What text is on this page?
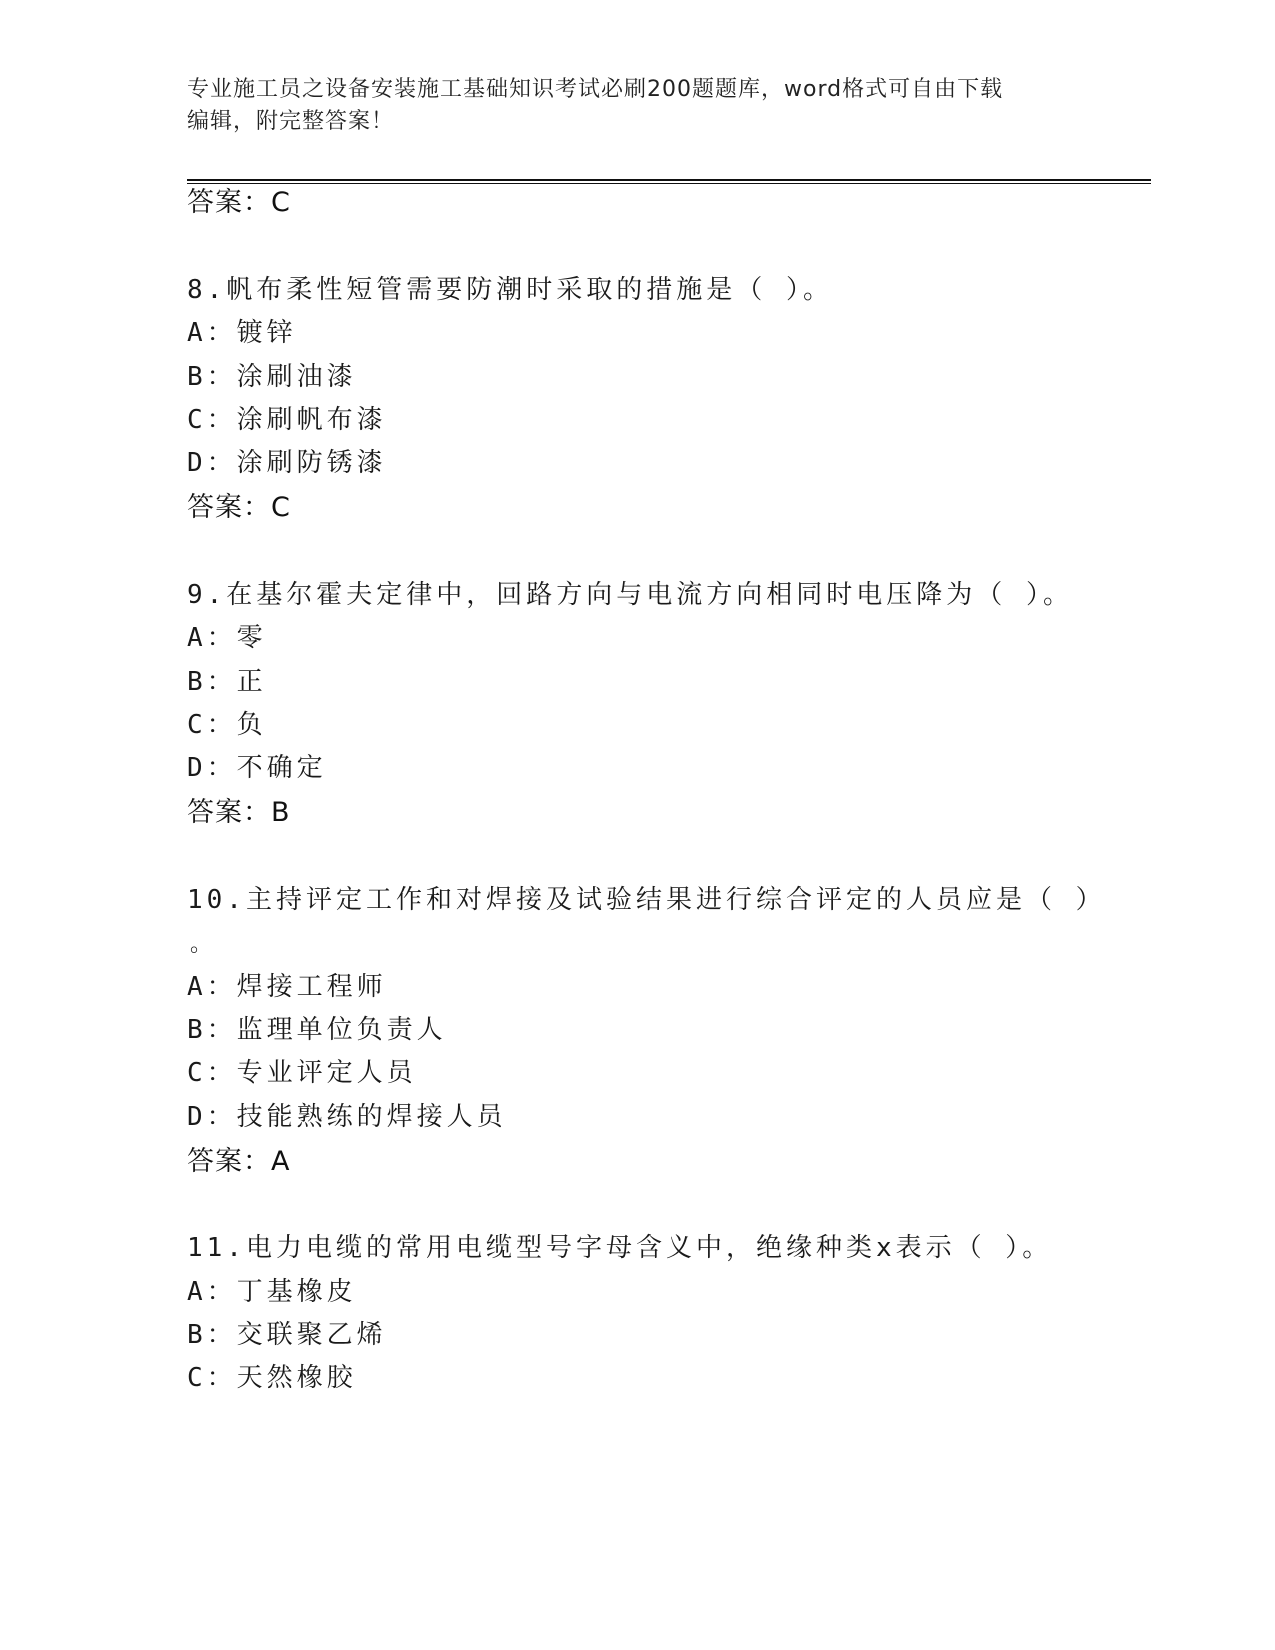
专业施工员之设备安装施工基础知识考试必刷200题题库，word格式可自由下载
编辑，附完整答案！
答案：C
8.帆布柔性短管需要防潮时采取的措施是（ ）。
A：镀锌
B：涂刷油漆
C：涂刷帆布漆
D：涂刷防锈漆
答案：C
9.在基尔霍夫定律中，回路方向与电流方向相同时电压降为（ ）。
A：零
B：正
C：负
D：不确定
答案：B
10.主持评定工作和对焊接及试验结果进行综合评定的人员应是（ ）
。
A：焊接工程师
B：监理单位负责人
C：专业评定人员
D：技能熟练的焊接人员
答案：A
11.电力电缆的常用电缆型号字母含义中，绝缘种类x表示（ ）。
A：丁基橡皮
B：交联聚乙烯
C：天然橡胶
